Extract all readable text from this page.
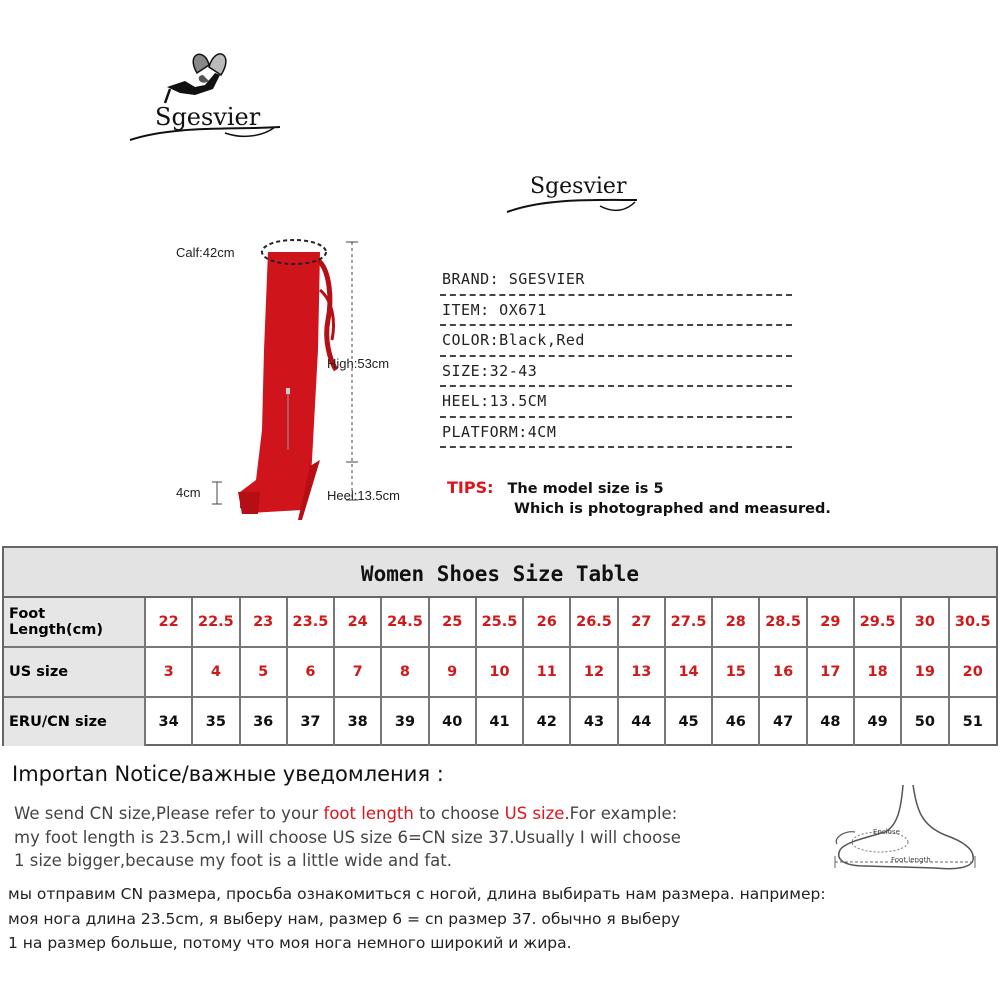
Sgesvier
Sgesvier
Calf:42cm
High:53cm
4cm	Heel:13.5cm
BRAND: SGESVIER
ITEM: OX671
COLOR:Black,Red
SIZE:32-43
HEEL:13.5CM
PLATFORM:4CM
TIPS: The model size is 5
Which is photographed and measured.
Women Shoes Size Table
Foot Length(cm)	22	22.5	23	23.5	24	24.5	25	25.5	26	26.5	27	27.5	28	28.5	29	29.5	30	30.5
US size	3	4	5	6	7	8	9	10	11	12	13	14	15	16	17	18	19	20
ERU/CN size	34	35	36	37	38	39	40	41	42	43	44	45	46	47	48	49	50	51
Importan Notice/важные уведомления :
We send CN size,Please refer to your foot length to choose US size.For example:
my foot length is 23.5cm,I will choose US size 6=CN size 37.Usually I will choose
1 size bigger,because my foot is a little wide and fat.
мы отправим CN размера, просьба ознакомиться с ногой, длина выбирать нам размера. например:
моя нога длина 23.5cm, я выберу нам, размер 6 = cn размер 37. обычно я выберу
1 на размер больше, потому что моя нога немного широкий и жира.
Enclose
Foot length
